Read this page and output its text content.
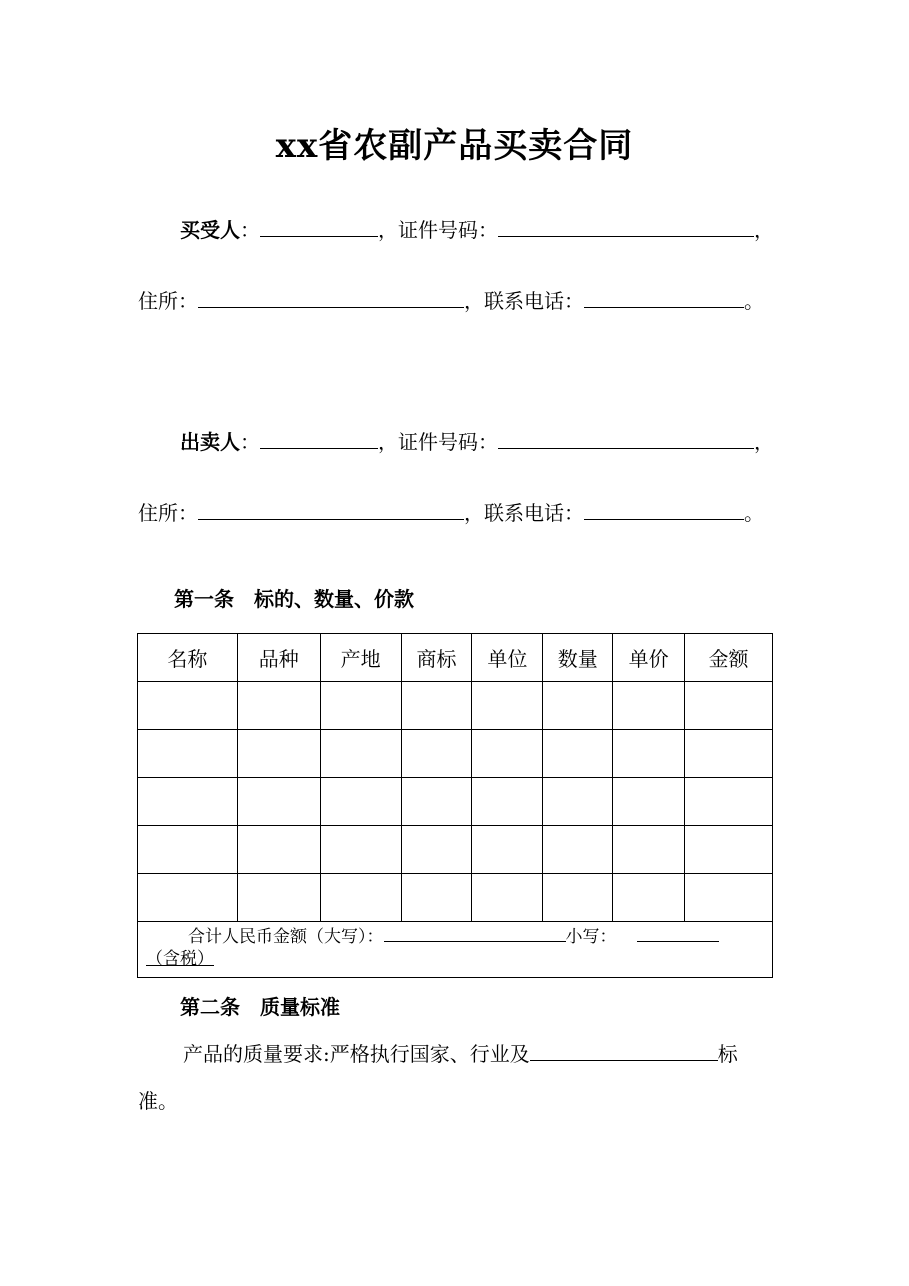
xx省农副产品买卖合同
买受人：	，证件号码：	，
住所：	，联系电话：	。
出卖人：	，证件号码：	，
住所：	，联系电话：	。
第一条　标的、数量、价款
名称	品种	产地	商标	单位	数量	单价	金额

合计人民币金额（大写）： 小写：
（含税）							
第二条　质量标准
产品的质量要求:严格执行国家、行业及	标
准。
